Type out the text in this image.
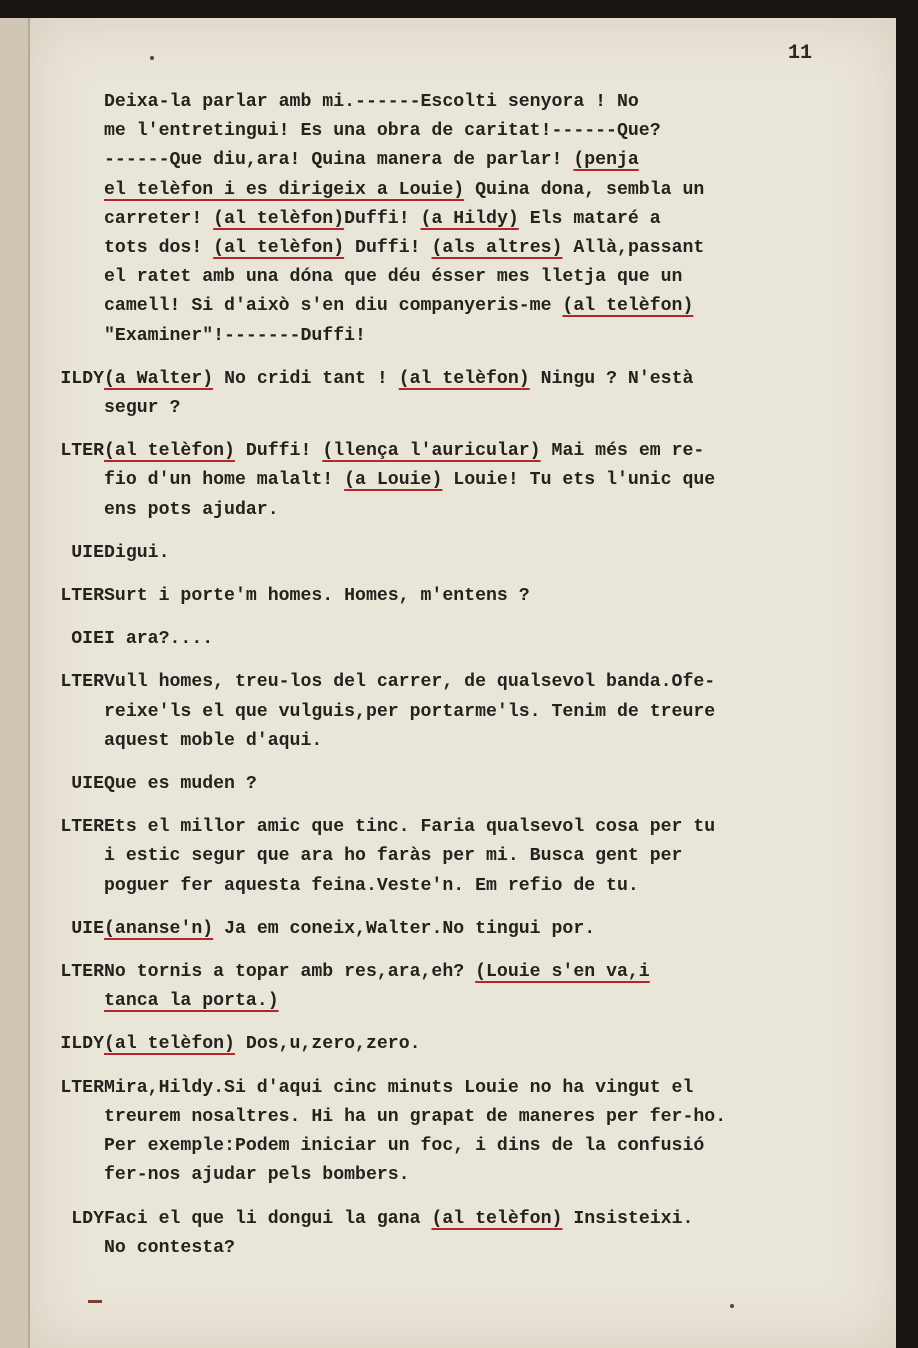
11
Deixa-la parlar amb mi.------Escolti senyora ! No
me l'entretingui! Es una obra de caritat!------Que?
------Que diu,ara! Quina manera de parlar! (penja
el telèfon i es dirigeix a Louie) Quina dona, sembla un
carreter! (al telèfon)Duffi! (a Hildy) Els mataré a
tots dos! (al telèfon) Duffi! (als altres) Allà,passant
el ratet amb una dóna que déu ésser mes lletja que un
camell! Si d'això s'en diu companyeris-me (al telèfon)
"Examiner"!-------Duffi!
ILDY (a Walter) No cridi tant ! (al telèfon) Ningu ? N'està
segur ?
LTER (al telèfon) Duffi! (llença l'auricular) Mai més em re-
fio d'un home malalt! (a Louie) Louie! Tu ets l'unic que
ens pots ajudar.
UIE Digui.
LTER Surt i porte'm homes. Homes, m'entens ?
OIE I ara?....
LTER Vull homes, treu-los del carrer, de qualsevol banda.Ofe-
reixe'ls el que vulguis,per portarme'ls. Tenim de treure
aquest moble d'aqui.
UIE Que es muden ?
LTER Ets el millor amic que tinc. Faria qualsevol cosa per tu
i estic segur que ara ho faràs per mi. Busca gent per
poguer fer aquesta feina.Veste'n. Em refio de tu.
UIE (ananse'n) Ja em coneix,Walter.No tingui por.
LTER No tornis a topar amb res,ara,eh? (Louie s'en va,i
tanca la porta.)
ILDY (al telèfon) Dos,u,zero,zero.
LTER Mira,Hildy.Si d'aqui cinc minuts Louie no ha vingut el
treurem nosaltres. Hi ha un grapat de maneres per fer-ho.
Per exemple:Podem iniciar un foc, i dins de la confusió
fer-nos ajudar pels bombers.
LDY Faci el que li dongui la gana (al telèfon) Insisteixi.
No contesta?
